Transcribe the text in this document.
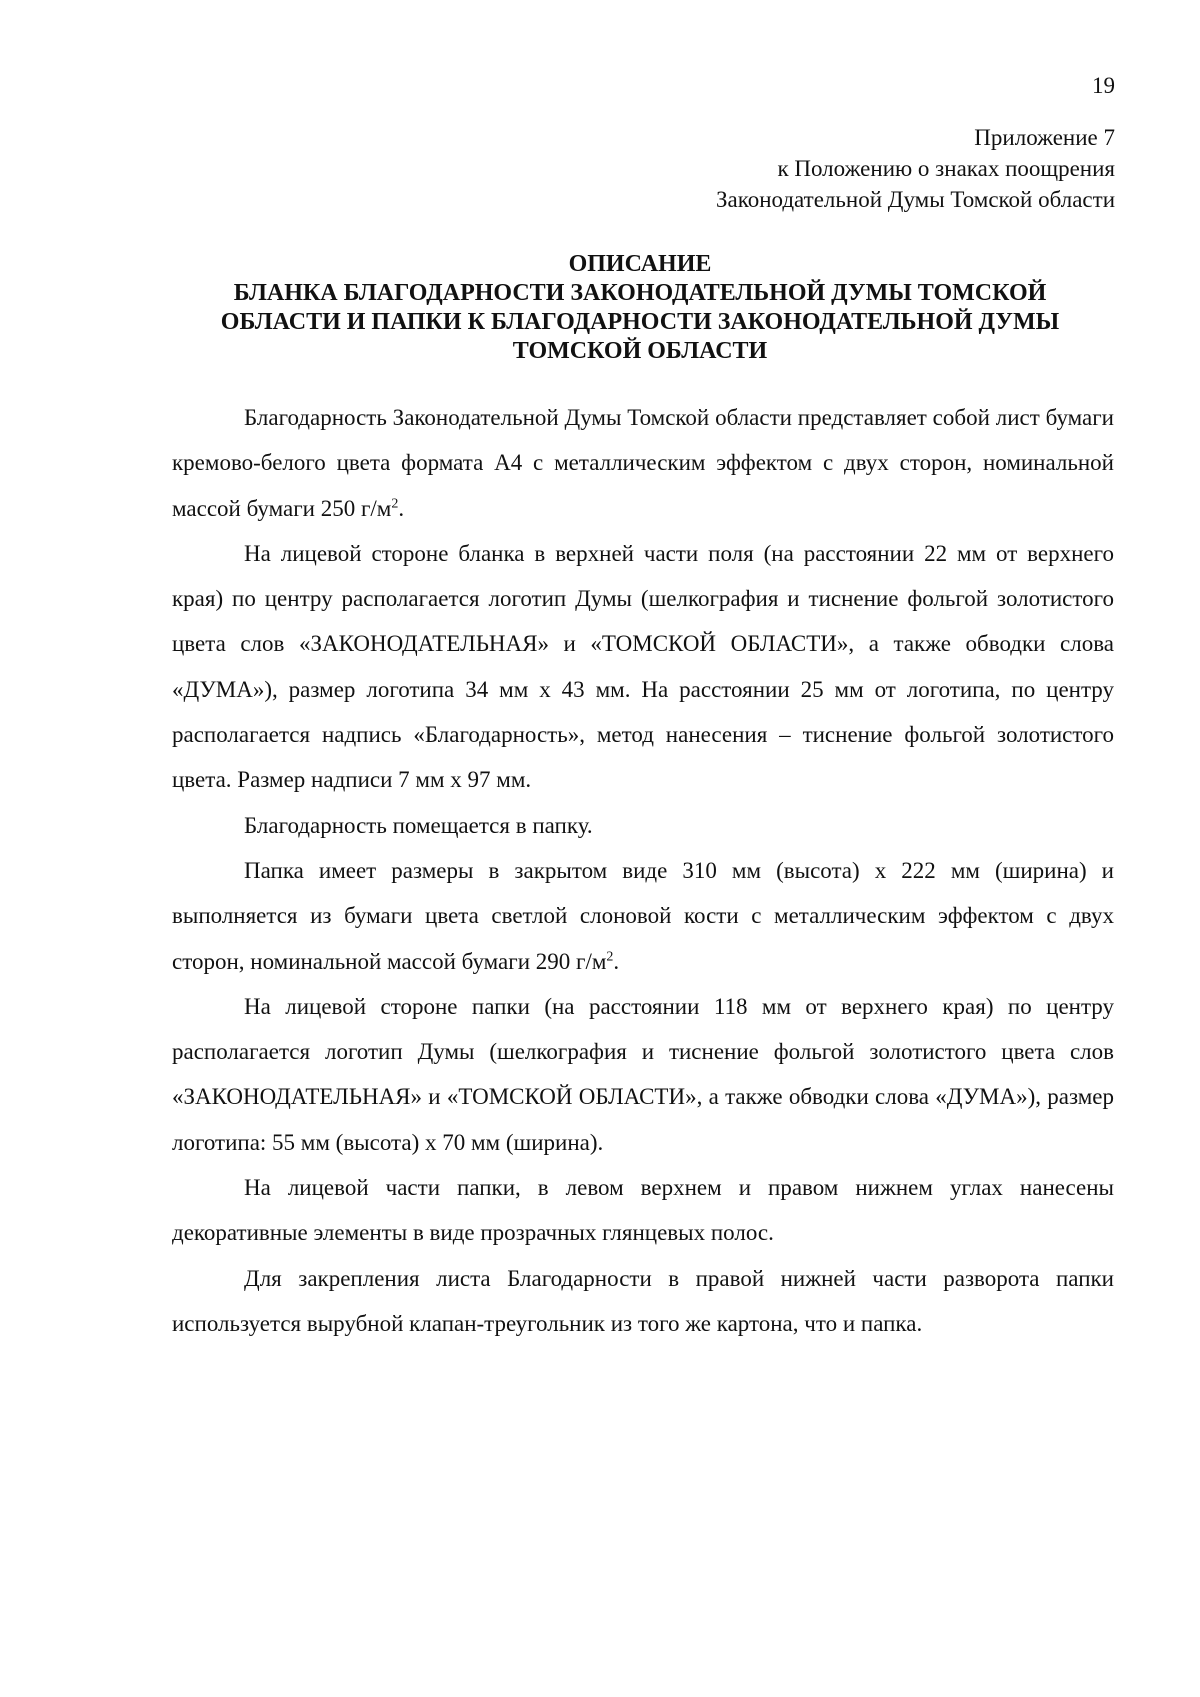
19
Приложение 7
к Положению о знаках поощрения
Законодательной Думы Томской области
ОПИСАНИЕ
БЛАНКА БЛАГОДАРНОСТИ ЗАКОНОДАТЕЛЬНОЙ ДУМЫ ТОМСКОЙ
ОБЛАСТИ И ПАПКИ К БЛАГОДАРНОСТИ ЗАКОНОДАТЕЛЬНОЙ ДУМЫ
ТОМСКОЙ ОБЛАСТИ

Благодарность Законодательной Думы Томской области представляет собой лист бумаги кремово-белого цвета формата А4 с металлическим эффектом с двух сторон, номинальной массой бумаги 250 $г/м^2$.

На лицевой стороне бланка в верхней части поля (на расстоянии 22 мм от верхнего края) по центру располагается логотип Думы (шелкография и тиснение фольгой золотистого цвета слов «ЗАКОНОДАТЕЛЬНАЯ» и «ТОМСКОЙ ОБЛАСТИ», а также обводки слова «ДУМА»), размер логотипа 34 мм х 43 мм. На расстоянии 25 мм от логотипа, по центру располагается надпись «Благодарность», метод нанесения – тиснение фольгой золотистого цвета. Размер надписи 7 мм х 97 мм.

Благодарность помещается в папку.

Папка имеет размеры в закрытом виде 310 мм (высота) х 222 мм (ширина) и выполняется из бумаги цвета светлой слоновой кости с металлическим эффектом с двух сторон, номинальной массой бумаги 290 $г/м^2$.

На лицевой стороне папки (на расстоянии 118 мм от верхнего края) по центру располагается логотип Думы (шелкография и тиснение фольгой золотистого цвета слов «ЗАКОНОДАТЕЛЬНАЯ» и «ТОМСКОЙ ОБЛАСТИ», а также обводки слова «ДУМА»), размер логотипа: 55 мм (высота) х 70 мм (ширина).

На лицевой части папки, в левом верхнем и правом нижнем углах нанесены декоративные элементы в виде прозрачных глянцевых полос.

Для закрепления листа Благодарности в правой нижней части разворота папки используется вырубной клапан-треугольник из того же картона, что и папка.
